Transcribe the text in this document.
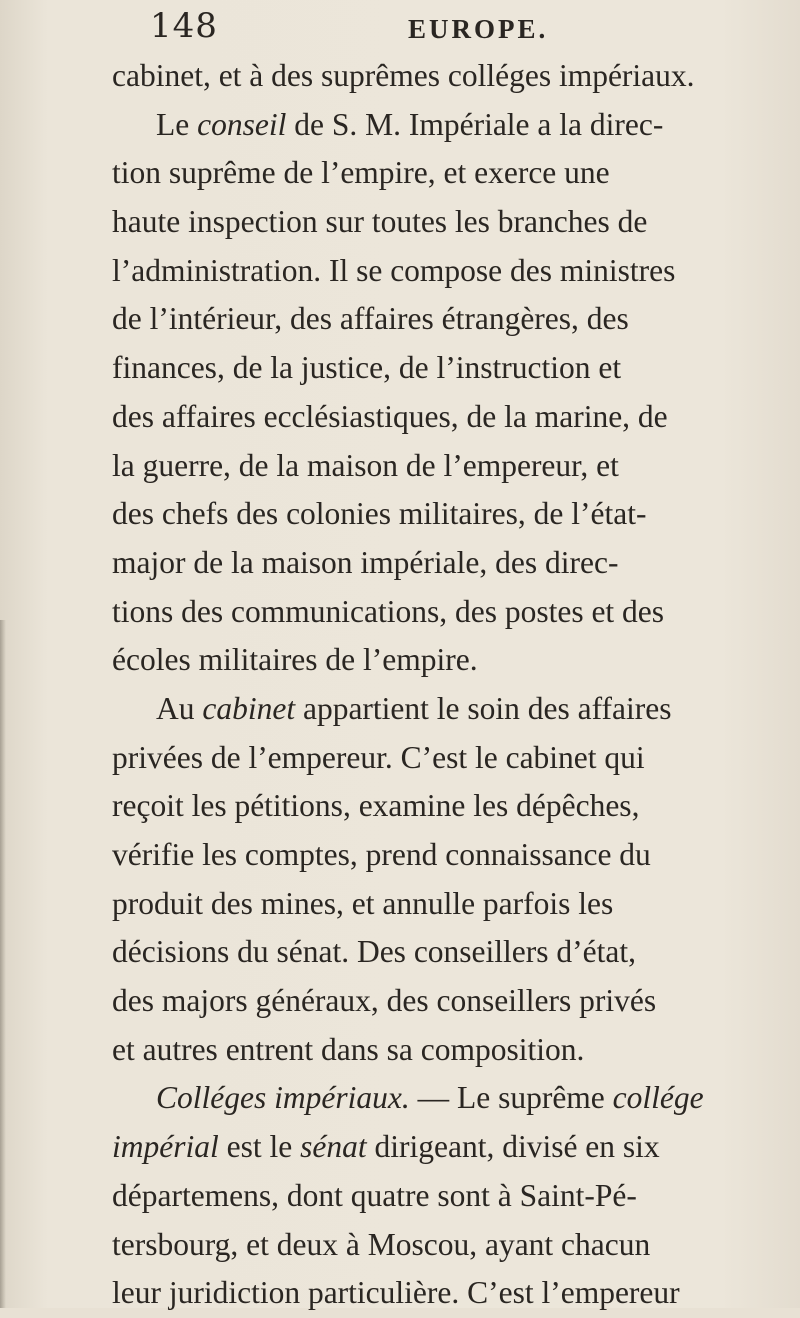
148	EUROPE.
cabinet, et à des suprêmes colléges impériaux.
Le conseil de S. M. Impériale a la direc-
tion suprême de l’empire, et exerce une
haute inspection sur toutes les branches de
l’administration. Il se compose des ministres
de l’intérieur, des affaires étrangères, des
finances, de la justice, de l’instruction et
des affaires ecclésiastiques, de la marine, de
la guerre, de la maison de l’empereur, et
des chefs des colonies militaires, de l’état-
major de la maison impériale, des direc-
tions des communications, des postes et des
écoles militaires de l’empire.
Au cabinet appartient le soin des affaires
privées de l’empereur. C’est le cabinet qui
reçoit les pétitions, examine les dépêches,
vérifie les comptes, prend connaissance du
produit des mines, et annulle parfois les
décisions du sénat. Des conseillers d’état,
des majors généraux, des conseillers privés
et autres entrent dans sa composition.
Colléges impériaux. — Le suprême collége
impérial est le sénat dirigeant, divisé en six
départemens, dont quatre sont à Saint-Pé-
tersbourg, et deux à Moscou, ayant chacun
leur juridiction particulière. C’est l’empereur
